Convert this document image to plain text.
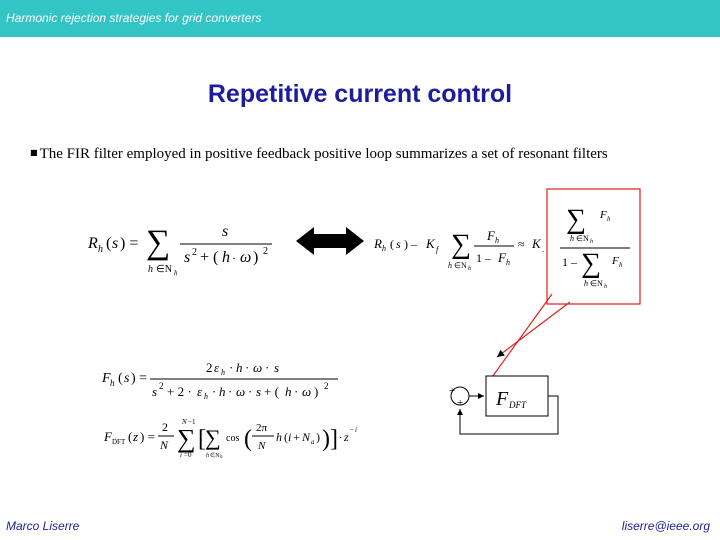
Harmonic rejection strategies for grid converters
Repetitive current control
■ The FIR filter employed in positive feedback positive loop summarizes a set of resonant filters
R h ( s ) = ∑
h ∈N h
s
s 2 + ( h · ω ) 2
R h ( s ) – K f ∑
h ∈N h
F h
1 – F h
≈ K .
∑ F h
h ∈N h
1 – ∑ F h
h ∈N h
F h ( s ) =
2 ε h · h · ω · s
s 2 + 2 · ε h · h · ω · s + ( h · ω ) 2
F DFT ( z ) =
2
N ∑
N −1
i =0
[ ∑
h ∈N h
cos ( 2π
N
h ( i + N a ) ) ] · z − i
+
+ F DFT
Marco Liserre	liserre@ieee.org
